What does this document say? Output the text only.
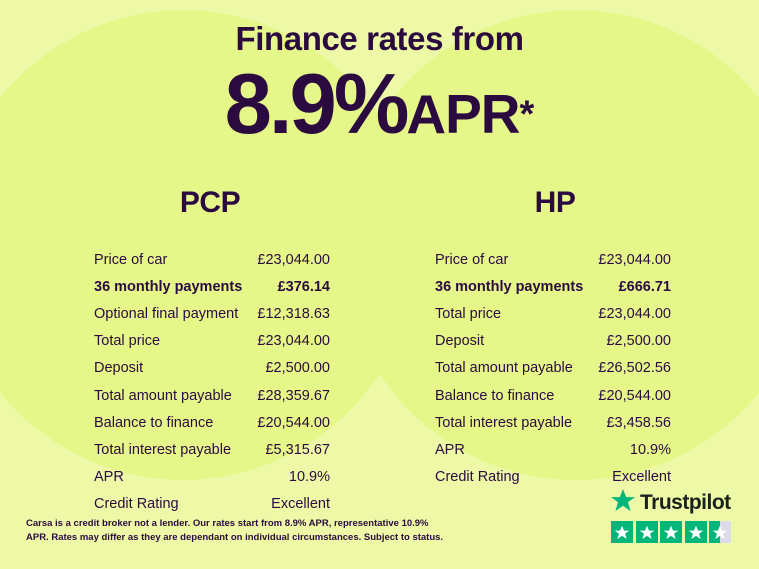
Finance rates from
8.9%APR*
PCP
Price of car	£23,044.00
36 monthly payments £376.14
Optional final payment £12,318.63
Total price	£23,044.00
Deposit	£2,500.00
Total amount payable £28,359.67
Balance to finance	£20,544.00
Total interest payable £5,315.67
APR	10.9%
Credit Rating	Excellent
HP
Price of car	£23,044.00
36 monthly payments £666.71
Total price	£23,044.00
Deposit	£2,500.00
Total amount payable £26,502.56
Balance to finance	£20,544.00
Total interest payable £3,458.56
APR	10.9%
Credit Rating	Excellent
Carsa is a credit broker not a lender. Our rates start from 8.9% APR, representative 10.9% APR. Rates may differ as they are dependant on individual circumstances. Subject to status.
Trustpilot
